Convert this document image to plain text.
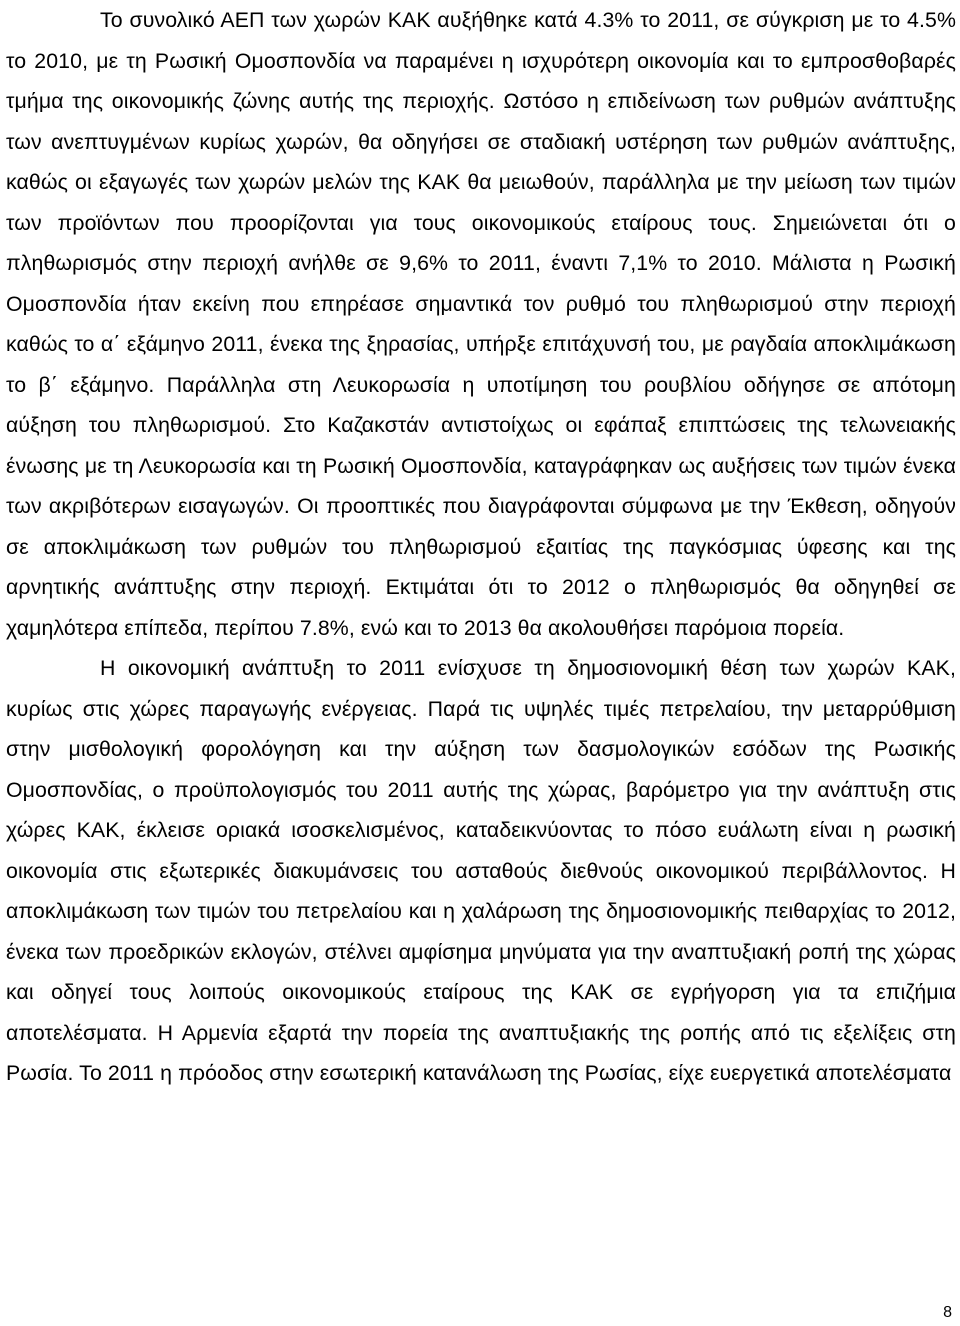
Το συνολικό ΑΕΠ των χωρών ΚΑΚ αυξήθηκε κατά 4.3% το 2011, σε σύγκριση με το 4.5% το 2010, με τη Ρωσική Ομοσπονδία να παραμένει η ισχυρότερη οικονομία και το εμπροσθοβαρές τμήμα της οικονομικής ζώνης αυτής της περιοχής. Ωστόσο η επιδείνωση των ρυθμών ανάπτυξης των ανεπτυγμένων κυρίως χωρών, θα οδηγήσει σε σταδιακή υστέρηση των ρυθμών ανάπτυξης, καθώς οι εξαγωγές των χωρών μελών της ΚΑΚ θα μειωθούν, παράλληλα με την μείωση των τιμών των προϊόντων που προορίζονται για τους οικονομικούς εταίρους τους. Σημειώνεται ότι ο πληθωρισμός στην περιοχή ανήλθε σε 9,6% το 2011, έναντι 7,1% το 2010. Μάλιστα η Ρωσική Ομοσπονδία ήταν εκείνη που επηρέασε σημαντικά τον ρυθμό του πληθωρισμού στην περιοχή καθώς το α΄ εξάμηνο 2011, ένεκα της ξηρασίας, υπήρξε επιτάχυνσή του, με ραγδαία αποκλιμάκωση το β΄ εξάμηνο. Παράλληλα στη Λευκορωσία η υποτίμηση του ρουβλίου οδήγησε σε απότομη αύξηση του πληθωρισμού. Στο Καζακστάν αντιστοίχως οι εφάπαξ επιπτώσεις της τελωνειακής ένωσης με τη Λευκορωσία και τη Ρωσική Ομοσπονδία, καταγράφηκαν ως αυξήσεις των τιμών ένεκα των ακριβότερων εισαγωγών. Οι προοπτικές που διαγράφονται σύμφωνα με την Έκθεση, οδηγούν σε αποκλιμάκωση των ρυθμών του πληθωρισμού εξαιτίας της παγκόσμιας ύφεσης και της αρνητικής ανάπτυξης στην περιοχή. Εκτιμάται ότι το 2012 ο πληθωρισμός θα οδηγηθεί σε χαμηλότερα επίπεδα, περίπου 7.8%, ενώ και το 2013 θα ακολουθήσει παρόμοια πορεία.

Η οικονομική ανάπτυξη το 2011 ενίσχυσε τη δημοσιονομική θέση των χωρών ΚΑΚ, κυρίως στις χώρες παραγωγής ενέργειας. Παρά τις υψηλές τιμές πετρελαίου, την μεταρρύθμιση στην μισθολογική φορολόγηση και την αύξηση των δασμολογικών εσόδων της Ρωσικής Ομοσπονδίας, ο προϋπολογισμός του 2011 αυτής της χώρας, βαρόμετρο για την ανάπτυξη στις χώρες ΚΑΚ, έκλεισε οριακά ισοσκελισμένος, καταδεικνύοντας το πόσο ευάλωτη είναι η ρωσική οικονομία στις εξωτερικές διακυμάνσεις του ασταθούς διεθνούς οικονομικού περιβάλλοντος. Η αποκλιμάκωση των τιμών του πετρελαίου και η χαλάρωση της δημοσιονομικής πειθαρχίας το 2012, ένεκα των προεδρικών εκλογών, στέλνει αμφίσημα μηνύματα για την αναπτυξιακή ροπή της χώρας και οδηγεί τους λοιπούς οικονομικούς εταίρους της ΚΑΚ σε εγρήγορση για τα επιζήμια αποτελέσματα. Η Αρμενία εξαρτά την πορεία της αναπτυξιακής της ροπής από τις εξελίξεις στη Ρωσία. Το 2011 η πρόοδος στην εσωτερική κατανάλωση της Ρωσίας, είχε ευεργετικά αποτελέσματα

8
